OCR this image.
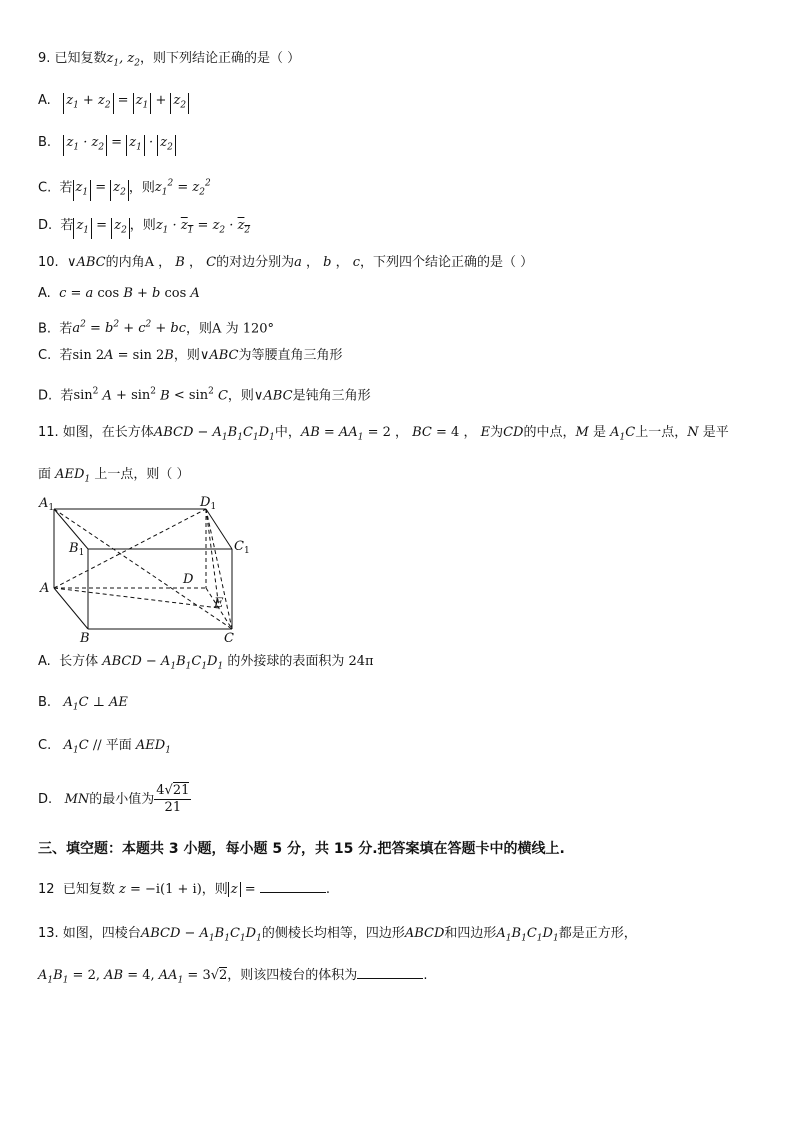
9. 已知复数$z_1$, $z_2$，则下列结论正确的是（ ）
A. $z_1 + z_2 = z_1 + z_2$
B. $z_1 \cdot z_2 = z_1 \cdot z_2$
C. 若 $z_1 = z_2$ ，则$z_1^2 = z_2^2$
D. 若 $z_1 = z_2$ ，则$z_1 \cdot z_1 = z_2 \cdot z_2$
10. ∨ABC的内角A ， B ， C的对边分别为a ， b ， c，下列四个结论正确的是（ ）
A. c = a cos B + b cos A
B. 若$a^2 = b^2 + c^2$ + bc，则A 为 120°
C. 若sin 2A = sin 2B，则∨ABC为等腰直角三角形
D. 若$\sin^2 A + \sin^2 B < \sin^2 C$，则∨ABC是钝角三角形
11. 如图，在长方体ABCD − $A_1B_1C_1D_1$中，AB = $AA_1 = 2$ ， BC = 4 ， E为CD的中点，M 是 $A_1C$上一点，N 是平
面 $AED_1$ 上一点，则（ ）
$A_1$	$D_1$
$B_1$	$C_1$
A
D
E
B	C
A. 长方体 ABCD − $A_1B_1C_1D_1$ 的外接球的表面积为 24π
B. $A_1C$ ⊥ AE
C. $A_1C$ // 平面 $AED_1$
D. MN的最小值为 $\frac{4√21}{21}$
三、填空题：本题共 3 小题，每小题 5 分，共 15 分.把答案填在答题卡中的横线上.
12 已知复数 z = −i(1 + i)，则 z =	.
13. 如图，四棱台ABCD − $A_1B_1C_1D_1$的侧棱长均相等，四边形ABCD和四边形$A_1B_1C_1D_1$都是正方形，
$A_1B_1 = 2$, AB = 4, $AA_1 = 3√2$，则该四棱台的体积为	.
